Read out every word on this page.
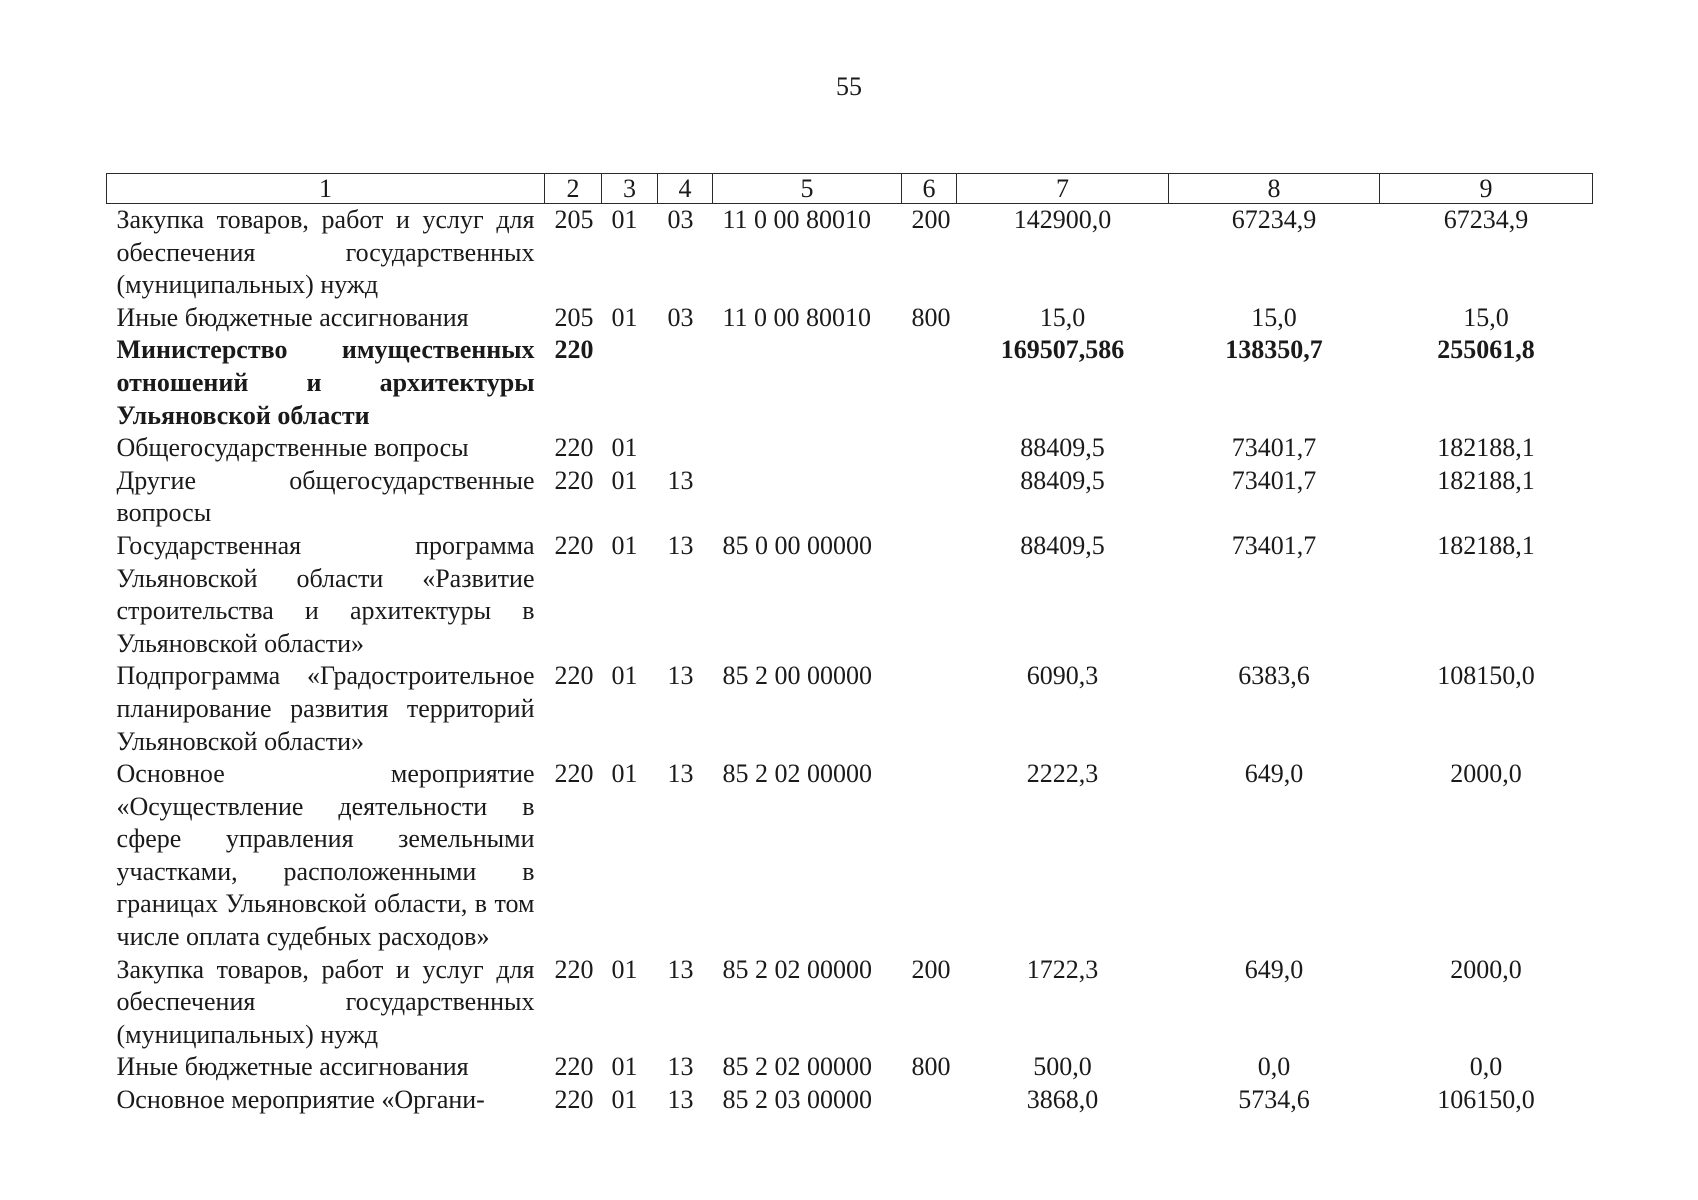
55
1	2	3	4	5	6	7	8	9
Закупка товаров, работ и услуг для обеспечения государственных (муниципальных) нужд	205	01	03	11 0 00 80010	200	142900,0	67234,9	67234,9
Иные бюджетные ассигнования	205	01	03	11 0 00 80010	800	15,0	15,0	15,0
Министерство имущественных отношений и архитектуры Ульяновской области	220					169507,586	138350,7	255061,8
Общегосударственные вопросы	220	01				88409,5	73401,7	182188,1
Другие общегосударственные вопросы	220	01	13			88409,5	73401,7	182188,1
Государственная программа Ульяновской области «Развитие строительства и архитектуры в Ульяновской области»	220	01	13	85 0 00 00000		88409,5	73401,7	182188,1
Подпрограмма «Градостроительное планирование развития территорий Ульяновской области»	220	01	13	85 2 00 00000		6090,3	6383,6	108150,0
Основное мероприятие «Осуществление деятельности в сфере управления земельными участками, расположенными в границах Ульяновской области, в том числе оплата судебных расходов»	220	01	13	85 2 02 00000		2222,3	649,0	2000,0
Закупка товаров, работ и услуг для обеспечения государственных (муниципальных) нужд	220	01	13	85 2 02 00000	200	1722,3	649,0	2000,0
Иные бюджетные ассигнования	220	01	13	85 2 02 00000	800	500,0	0,0	0,0
Основное мероприятие «Органи-	220	01	13	85 2 03 00000		3868,0	5734,6	106150,0
